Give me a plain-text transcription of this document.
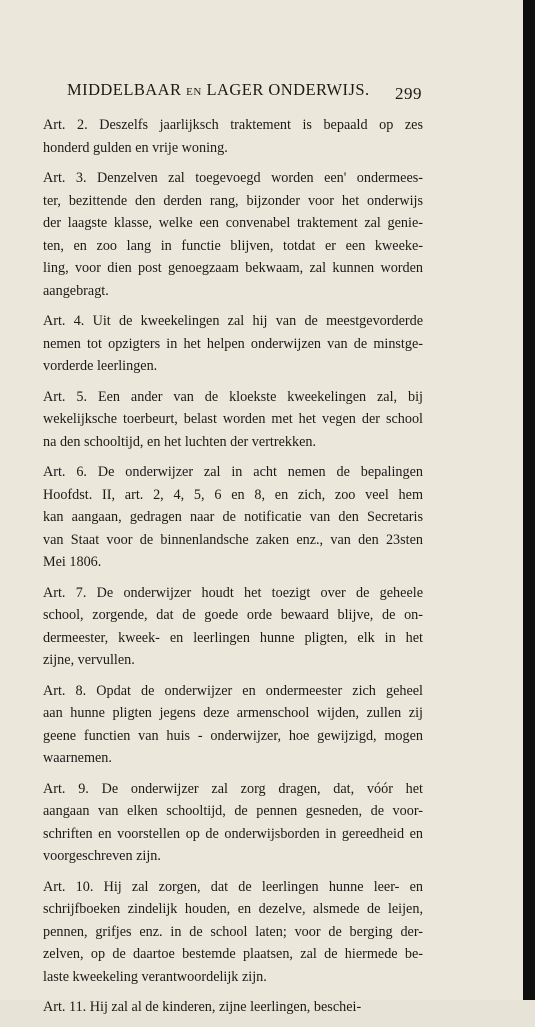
MIDDELBAAR EN LAGER ONDERWIJS. 299
Art. 2. Deszelfs jaarlijksch traktement is bepaald op zes
honderd gulden en vrije woning.
Art. 3. Denzelven zal toegevoegd worden een' ondermees-
ter, bezittende den derden rang, bijzonder voor het onderwijs
der laagste klasse, welke een convenabel traktement zal genie-
ten, en zoo lang in functie blijven, totdat er een kweeke-
ling, voor dien post genoegzaam bekwaam, zal kunnen worden
aangebragt.
Art. 4. Uit de kweekelingen zal hij van de meestgevorderde
nemen tot opzigters in het helpen onderwijzen van de minstge-
vorderde leerlingen.
Art. 5. Een ander van de kloekste kweekelingen zal, bij
wekelijksche toerbeurt, belast worden met het vegen der school
na den schooltijd, en het luchten der vertrekken.
Art. 6. De onderwijzer zal in acht nemen de bepalingen
Hoofdst. II, art. 2, 4, 5, 6 en 8, en zich, zoo veel hem
kan aangaan, gedragen naar de notificatie van den Secretaris
van Staat voor de binnenlandsche zaken enz., van den 23sten
Mei 1806.
Art. 7. De onderwijzer houdt het toezigt over de geheele
school, zorgende, dat de goede orde bewaard blijve, de on-
dermeester, kweek- en leerlingen hunne pligten, elk in het
zijne, vervullen.
Art. 8. Opdat de onderwijzer en ondermeester zich geheel
aan hunne pligten jegens deze armenschool wijden, zullen zij
geene functien van huis - onderwijzer, hoe gewijzigd, mogen
waarnemen.
Art. 9. De onderwijzer zal zorg dragen, dat, vóór het
aangaan van elken schooltijd, de pennen gesneden, de voor-
schriften en voorstellen op de onderwijsborden in gereedheid en
voorgeschreven zijn.
Art. 10. Hij zal zorgen, dat de leerlingen hunne leer- en
schrijfboeken zindelijk houden, en dezelve, alsmede de leijen,
pennen, grifjes enz. in de school laten; voor de berging der-
zelven, op de daartoe bestemde plaatsen, zal de hiermede be-
laste kweekeling verantwoordelijk zijn.
Art. 11. Hij zal al de kinderen, zijne leerlingen, beschei-
